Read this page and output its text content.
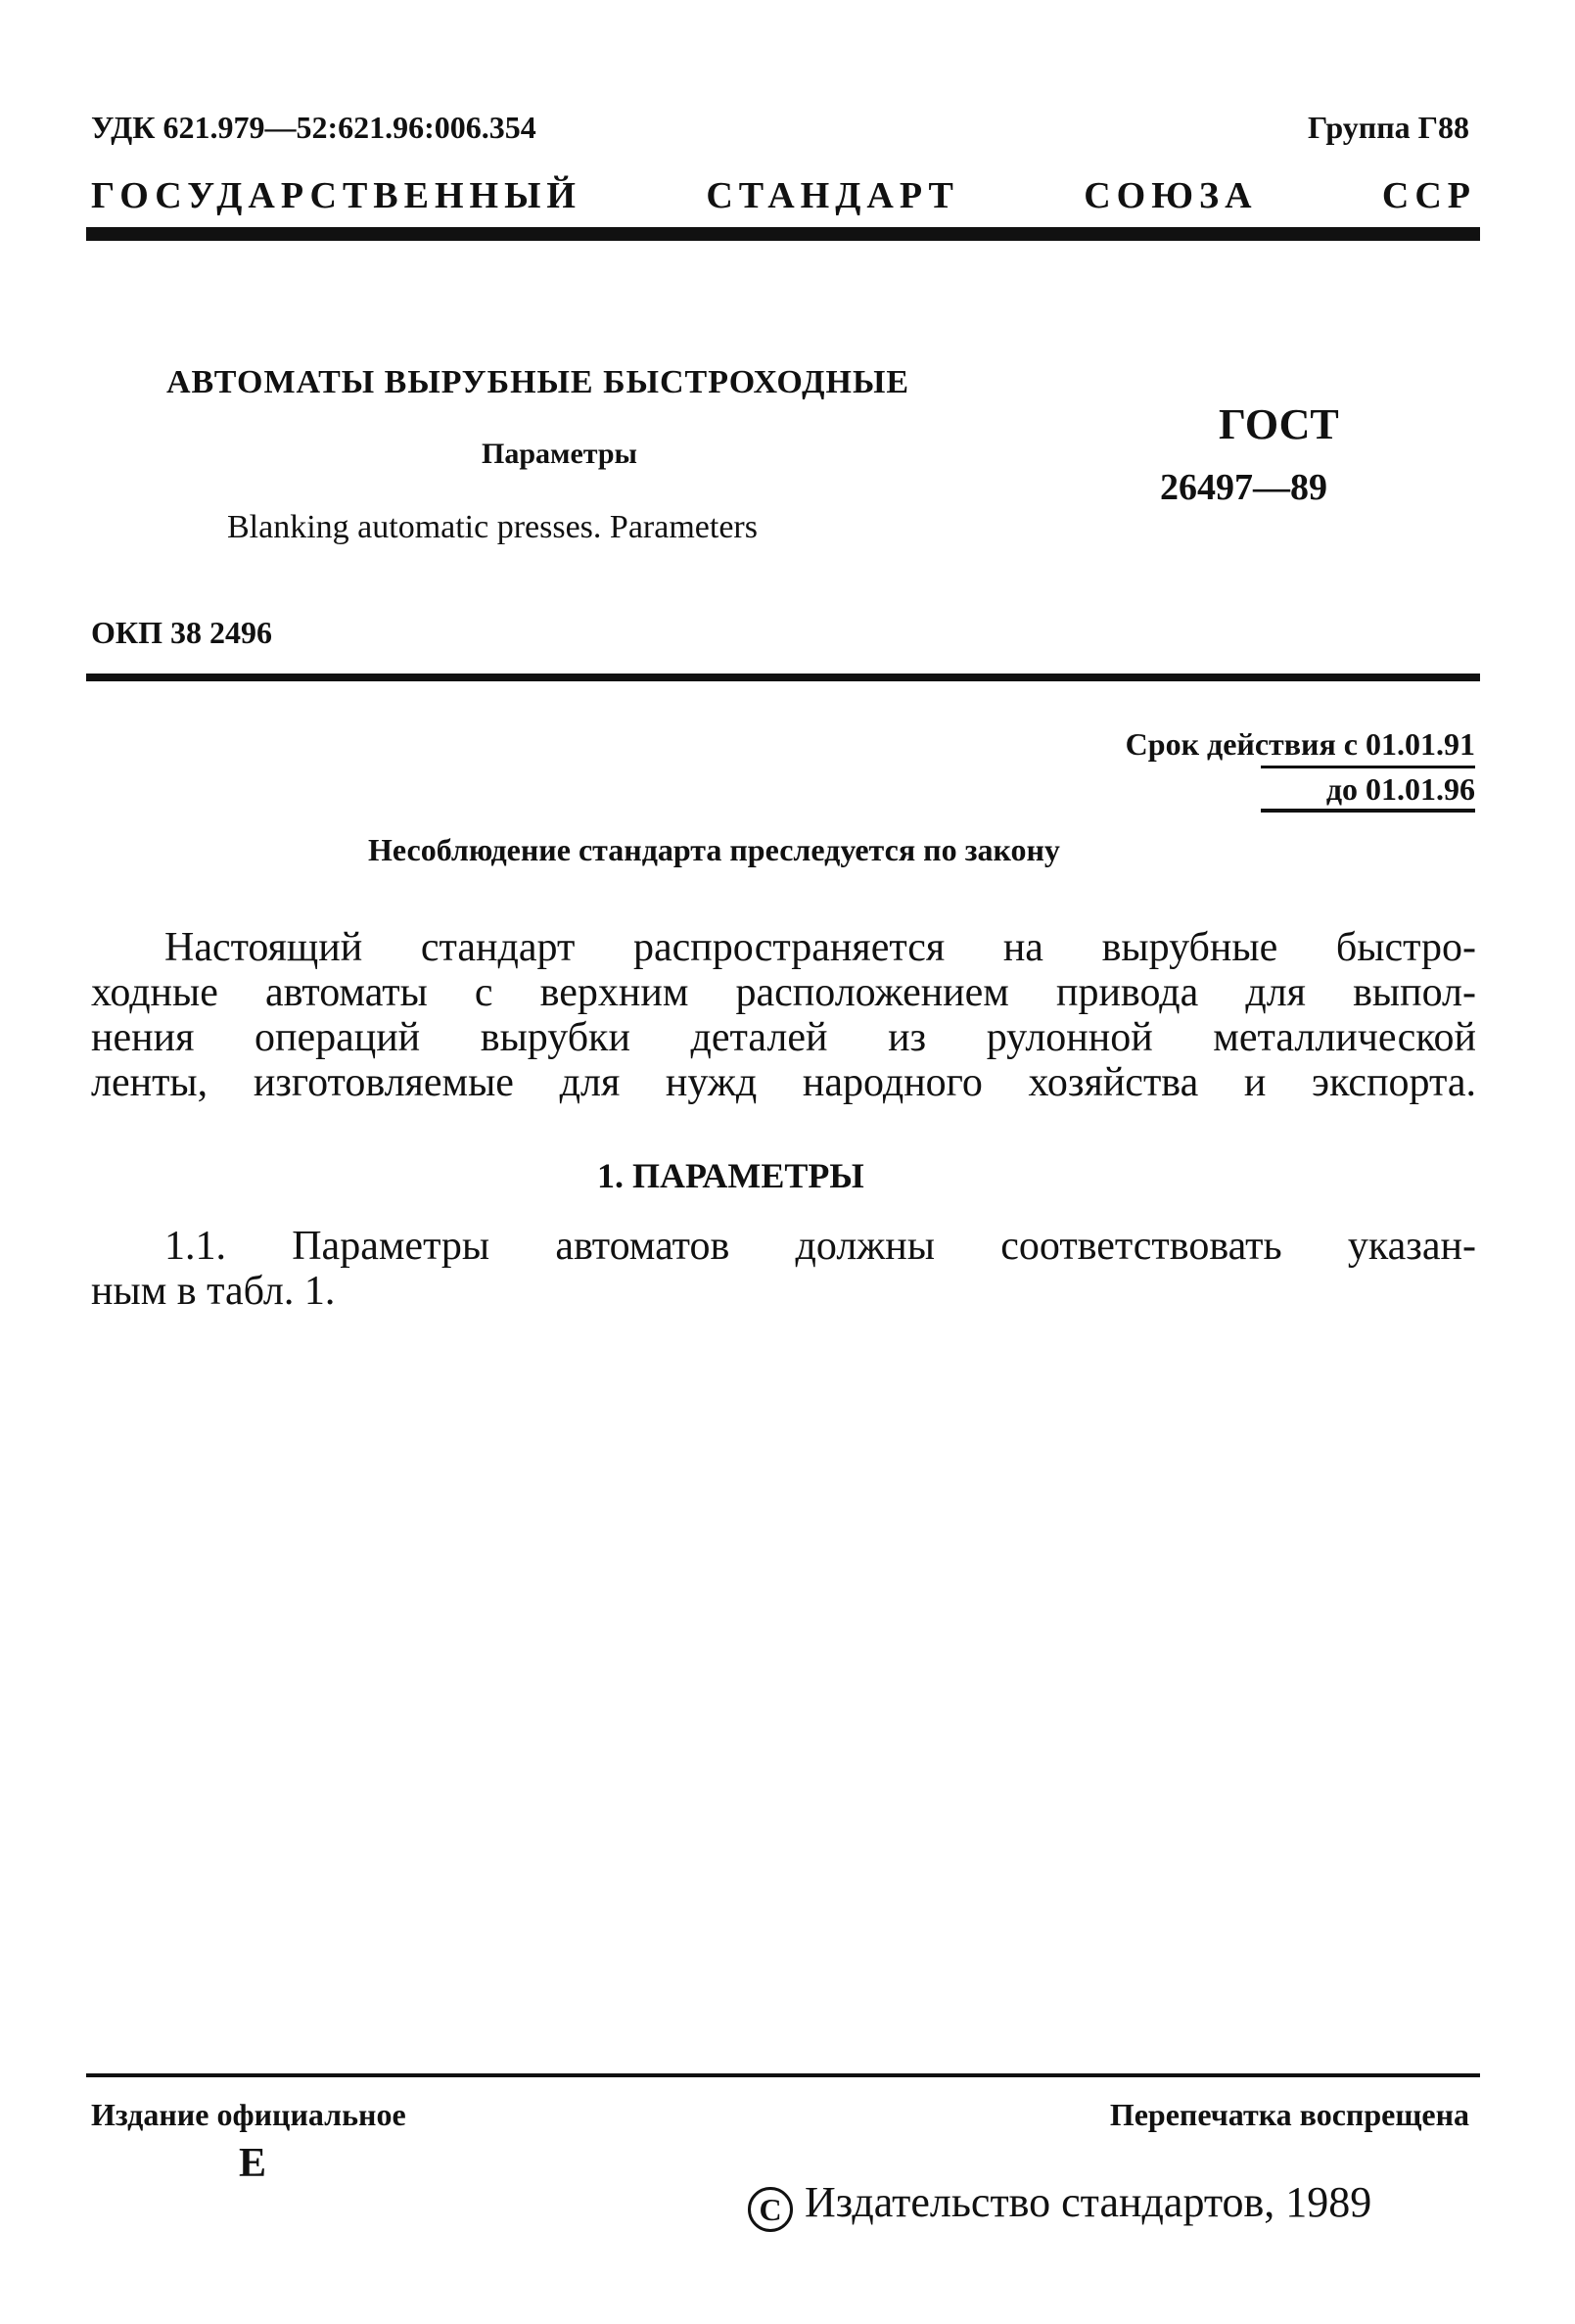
УДК 621.979—52:621.96:006.354	Группа Г88
ГОСУДАРСТВЕННЫЙ СТАНДАРТ СОЮЗА ССР
АВТОМАТЫ ВЫРУБНЫЕ БЫСТРОХОДНЫЕ
Параметры
Blanking automatic presses. Parameters
ГОСТ
26497—89
ОКП 38 2496
Срок действия с 01.01.91
до 01.01.96
Несоблюдение стандарта преследуется по закону
Настоящий стандарт распространяется на вырубные быстро-
ходные автоматы с верхним расположением привода для выпол-
нения операций вырубки деталей из рулонной металлической
ленты, изготовляемые для нужд народного хозяйства и экспорта.
1. ПАРАМЕТРЫ
1.1. Параметры автоматов должны соответствовать указан-
ным в табл. 1.
Издание официальное
Е
Перепечатка воспрещена
C Издательство стандартов, 1989
